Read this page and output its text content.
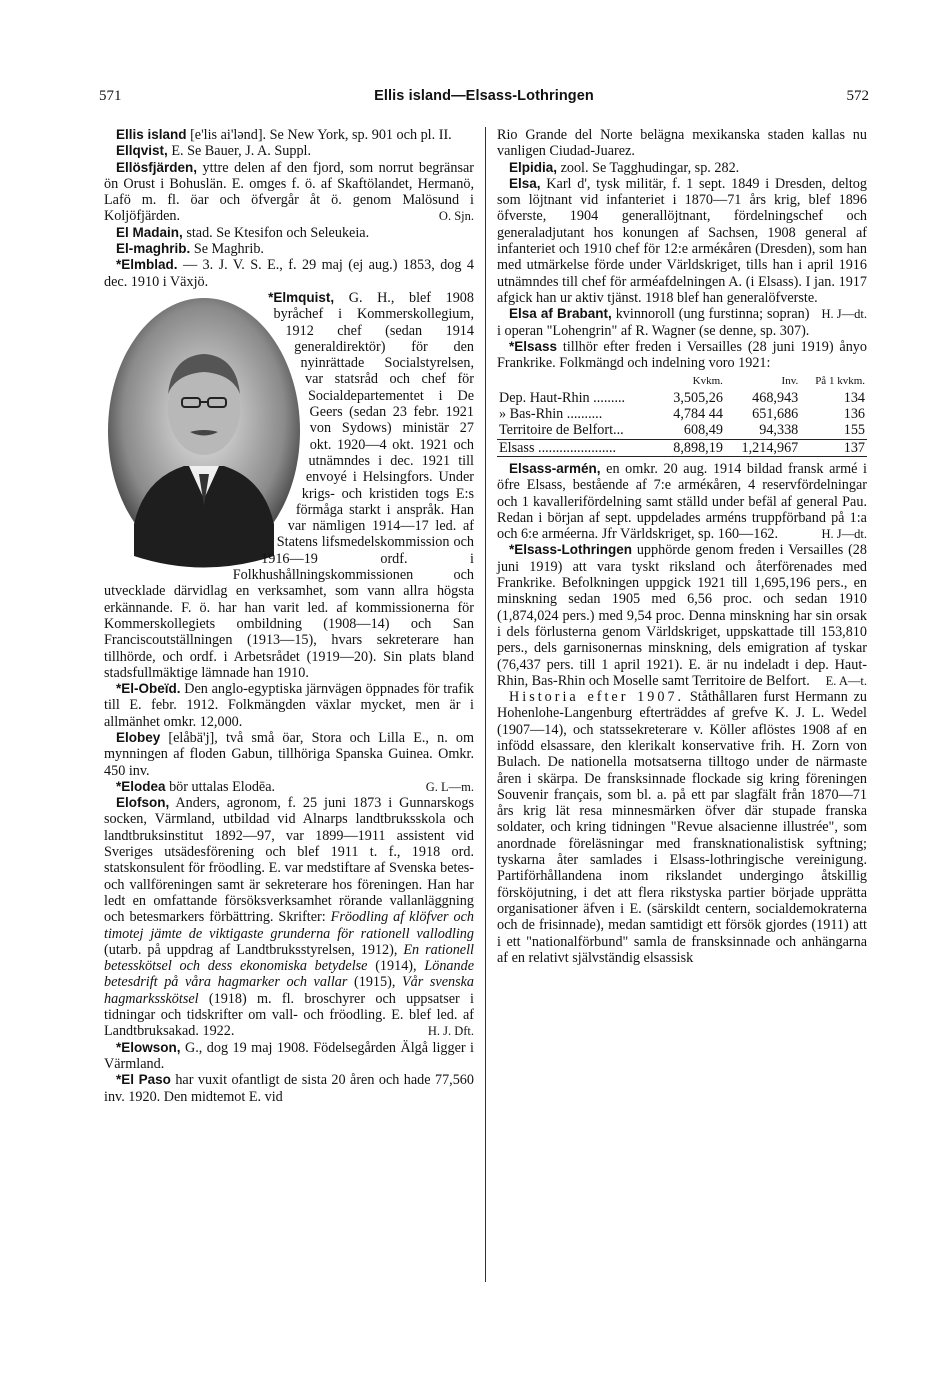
571	Ellis island—Elsass-Lothringen	572

Ellis island [e'lis ai'lənd]. Se New York, sp. 901 och pl. II.

Ellqvist, E. Se Bauer, J. A. Suppl.

Ellösfjärden, yttre delen af den fjord, som norrut begränsar ön Orust i Bohuslän. E. omges f. ö. af Skaftölandet, Hermanö, Lafö m. fl. öar och öfvergår åt ö. genom Malösund i Koljöfjärden.	O. Sjn.

El Madain, stad. Se Ktesifon och Seleukeia.

El-maghrib. Se Maghrib.

*Elmblad. — 3. J. V. S. E., f. 29 maj (ej aug.) 1853, dog 4 dec. 1910 i Växjö.

*Elmquist, G. H., blef 1908 byråchef i Kommerskollegium, 1912 chef (sedan 1914 generaldirektör) för den nyinrättade Socialstyrelsen, var statsråd och chef för Socialdepartementet i De Geers (sedan 23 febr. 1921 von Sydows) ministär 27 okt. 1920—4 okt. 1921 och utnämndes i dec. 1921 till envoyé i Helsingfors. Under krigs- och kristiden togs E:s förmåga starkt i anspråk. Han var nämligen 1914—17 led. af Statens lifsmedelskommission och 1916—19 ordf. i Folkhushållningskommissionen och utvecklade därvidlag en verksamhet, som vann allra högsta erkännande. F. ö. har han varit led. af kommissionerna för Kommerskollegiets ombildning (1908—14) och San Franciscoutställningen (1913—15), hvars sekreterare han tillhörde, och ordf. i Arbetsrådet (1919—20). Sin plats bland stadsfullmäktige lämnade han 1910.

*El-Obeïd. Den anglo-egyptiska järnvägen öppnades för trafik till E. febr. 1912. Folkmängden växlar mycket, men är i allmänhet omkr. 12,000.

Elobey [elåbä'j], två små öar, Stora och Lilla E., n. om mynningen af floden Gabun, tillhöriga Spanska Guinea. Omkr. 450 inv.

*Elodea bör uttalas Elodēa.	G. L—m.

Elofson, Anders, agronom, f. 25 juni 1873 i Gunnarskogs socken, Värmland, utbildad vid Alnarps landtbruksskola och landtbruksinstitut 1892—97, var 1899—1911 assistent vid Sveriges utsädesförening och blef 1911 t. f., 1918 ord. statskonsulent för fröodling. E. var medstiftare af Svenska betes- och vallföreningen samt är sekreterare hos föreningen. Han har ledt en omfattande försöksverksamhet rörande vallanläggning och betesmarkers förbättring. Skrifter: Fröodling af klöfver och timotej jämte de viktigaste grunderna för rationell vallodling (utarb. på uppdrag af Landtbruksstyrelsen, 1912), En rationell betesskötsel och dess ekonomiska betydelse (1914), Lönande betesdrift på våra hagmarker och vallar (1915), Vår svenska hagmarksskötsel (1918) m. fl. broschyrer och uppsatser i tidningar och tidskrifter om vall- och fröodling. E. blef led. af Landtbruksakad. 1922.	H. J. Dft.

*Elowson, G., dog 19 maj 1908. Födelsegården Älgå ligger i Värmland.

*El Paso har vuxit ofantligt de sista 20 åren och hade 77,560 inv. 1920. Den midtemot E. vid

Rio Grande del Norte belägna mexikanska staden kallas nu vanligen Ciudad-Juarez.

Elpidia, zool. Se Tagghudingar, sp. 282.

Elsa, Karl d', tysk militär, f. 1 sept. 1849 i Dresden, deltog som löjtnant vid infanteriet i 1870—71 års krig, blef 1896 öfverste, 1904 generallöjtnant, fördelningschef och generaladjutant hos konungen af Sachsen, 1908 general af infanteriet och 1910 chef för 12:e arméкåren (Dresden), som han med utmärkelse förde under Världskriget, tills han i april 1916 utnämndes till chef för arméafdelningen A. (i Elsass). I jan. 1917 afgick han ur aktiv tjänst. 1918 blef han generalöfverste.
H. J—dt.

Elsa af Brabant, kvinnoroll (ung furstinna; sopran) i operan "Lohengrin" af R. Wagner (se denne, sp. 307).

*Elsass tillhör efter freden i Versailles (28 juni 1919) ånyo Frankrike. Folkmängd och indelning voro 1921:

	Kvkm.	Inv.	På 1 kvkm.
Dep. Haut-Rhin .........	3,505,26	468,943	134
» Bas-Rhin ..........	4,784 44	651,686	136
Territoire de Belfort...	608,49	94,338	155
Elsass ......................	8,898,19	1,214,967	137

Elsass-armén, en omkr. 20 aug. 1914 bildad fransk armé i öfre Elsass, bestående af 7:e arméкåren, 4 reservfördelningar och 1 kavallerifördelning samt ställd under befäl af general Pau. Redan i början af sept. uppdelades arméns truppförband på 1:a och 6:e arméerna. Jfr Världskriget, sp. 160—162.	H. J—dt.

*Elsass-Lothringen upphörde genom freden i Versailles (28 juni 1919) att vara tyskt riksland och återförenades med Frankrike. Befolkningen uppgick 1921 till 1,695,196 pers., en minskning sedan 1905 med 6,56 proc. och sedan 1910 (1,874,024 pers.) med 9,54 proc. Denna minskning har sin orsak i dels förlusterna genom Världskriget, uppskattade till 153,810 pers., dels garnisonernas minskning, dels emigration af tyskar (76,437 pers. till 1 april 1921). E. är nu indeladt i dep. Haut-Rhin, Bas-Rhin och Moselle samt Territoire de Belfort.	E. A—t.

Historia efter 1907. Ståthållaren furst Hermann zu Hohenlohe-Langenburg efterträddes af grefve K. J. L. Wedel (1907—14), och statssekreterare v. Köller aflöstes 1908 af en infödd elsassare, den klerikalt konservative frih. H. Zorn von Bulach. De nationella motsatserna tilltogo under de närmaste åren i skärpa. De fransksinnade flockade sig kring föreningen Souvenir français, som bl. a. på ett par slagfält från 1870—71 års krig lät resa minnesmärken öfver där stupade franska soldater, och kring tidningen "Revue alsacienne illustrée", som anordnade föreläsningar med fransknationalistisk syftning; tyskarna åter samlades i Elsass-lothringische vereinigung. Partiförhållandena inom rikslandet undergingo åtskillig försköjutning, i det att flera rikstyska partier började upprätta organisationer äfven i E. (särskildt centern, socialdemokraterna och de frisinnade), medan samtidigt ett försök gjordes (1911) att i ett "nationalförbund" samla de fransksinnade och anhängarna af en relativt självständig elsassisk
